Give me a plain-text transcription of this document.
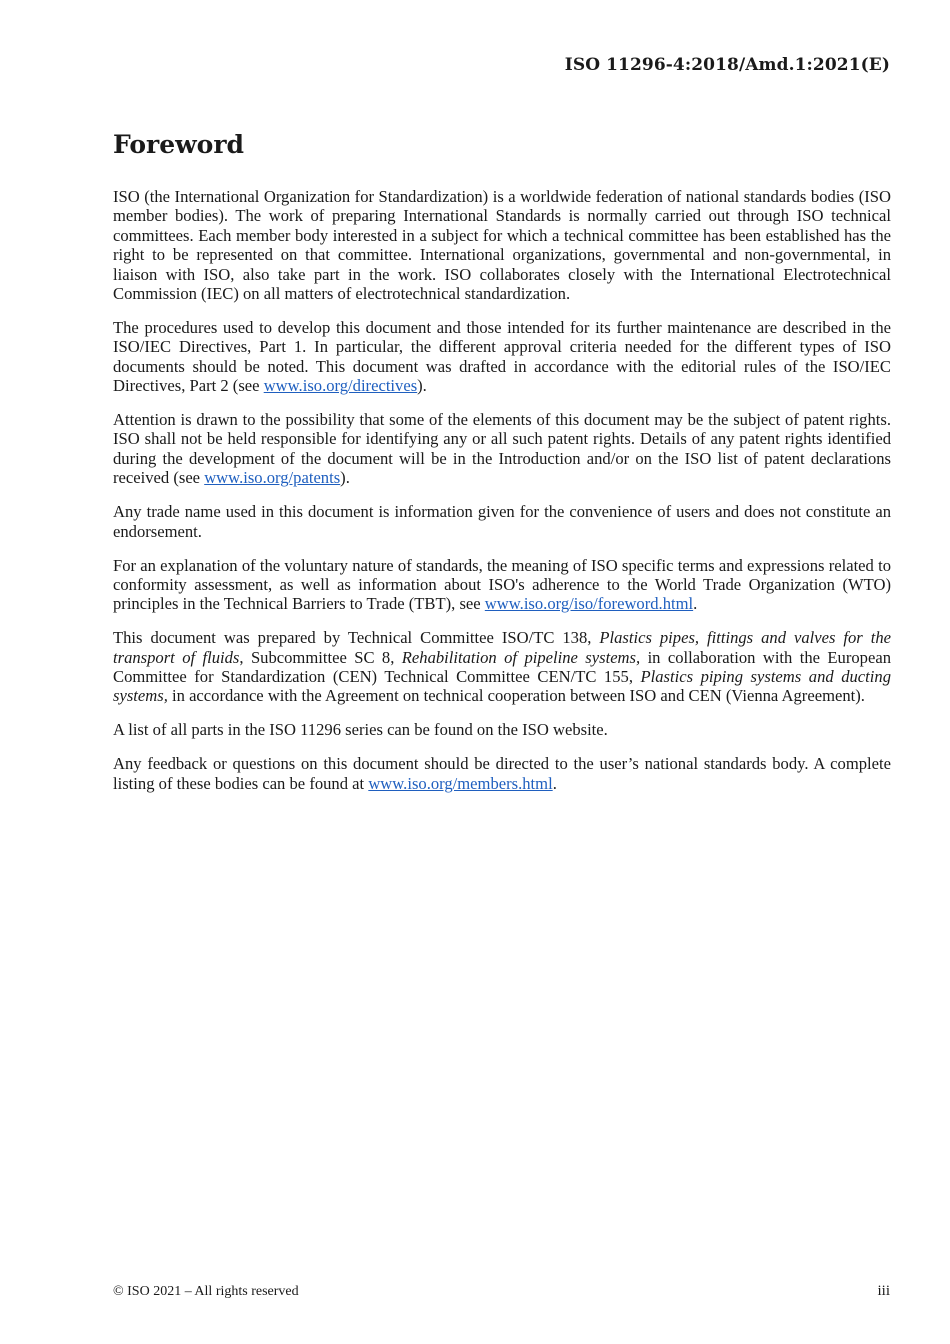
ISO 11296-4:2018/Amd.1:2021(E)
Foreword

ISO (the International Organization for Standardization) is a worldwide federation of national standards bodies (ISO member bodies). The work of preparing International Standards is normally carried out through ISO technical committees. Each member body interested in a subject for which a technical committee has been established has the right to be represented on that committee. International organizations, governmental and non-governmental, in liaison with ISO, also take part in the work. ISO collaborates closely with the International Electrotechnical Commission (IEC) on all matters of electrotechnical standardization.

The procedures used to develop this document and those intended for its further maintenance are described in the ISO/IEC Directives, Part 1. In particular, the different approval criteria needed for the different types of ISO documents should be noted. This document was drafted in accordance with the editorial rules of the ISO/IEC Directives, Part 2 (see www.iso.org/directives).

Attention is drawn to the possibility that some of the elements of this document may be the subject of patent rights. ISO shall not be held responsible for identifying any or all such patent rights. Details of any patent rights identified during the development of the document will be in the Introduction and/or on the ISO list of patent declarations received (see www.iso.org/patents).

Any trade name used in this document is information given for the convenience of users and does not constitute an endorsement.

For an explanation of the voluntary nature of standards, the meaning of ISO specific terms and expressions related to conformity assessment, as well as information about ISO's adherence to the World Trade Organization (WTO) principles in the Technical Barriers to Trade (TBT), see www.iso.org/iso/foreword.html.

This document was prepared by Technical Committee ISO/TC 138, Plastics pipes, fittings and valves for the transport of fluids, Subcommittee SC 8, Rehabilitation of pipeline systems, in collaboration with the European Committee for Standardization (CEN) Technical Committee CEN/TC 155, Plastics piping systems and ducting systems, in accordance with the Agreement on technical cooperation between ISO and CEN (Vienna Agreement).

A list of all parts in the ISO 11296 series can be found on the ISO website.

Any feedback or questions on this document should be directed to the user’s national standards body. A complete listing of these bodies can be found at www.iso.org/members.html.

© ISO 2021 – All rights reserved	iii
